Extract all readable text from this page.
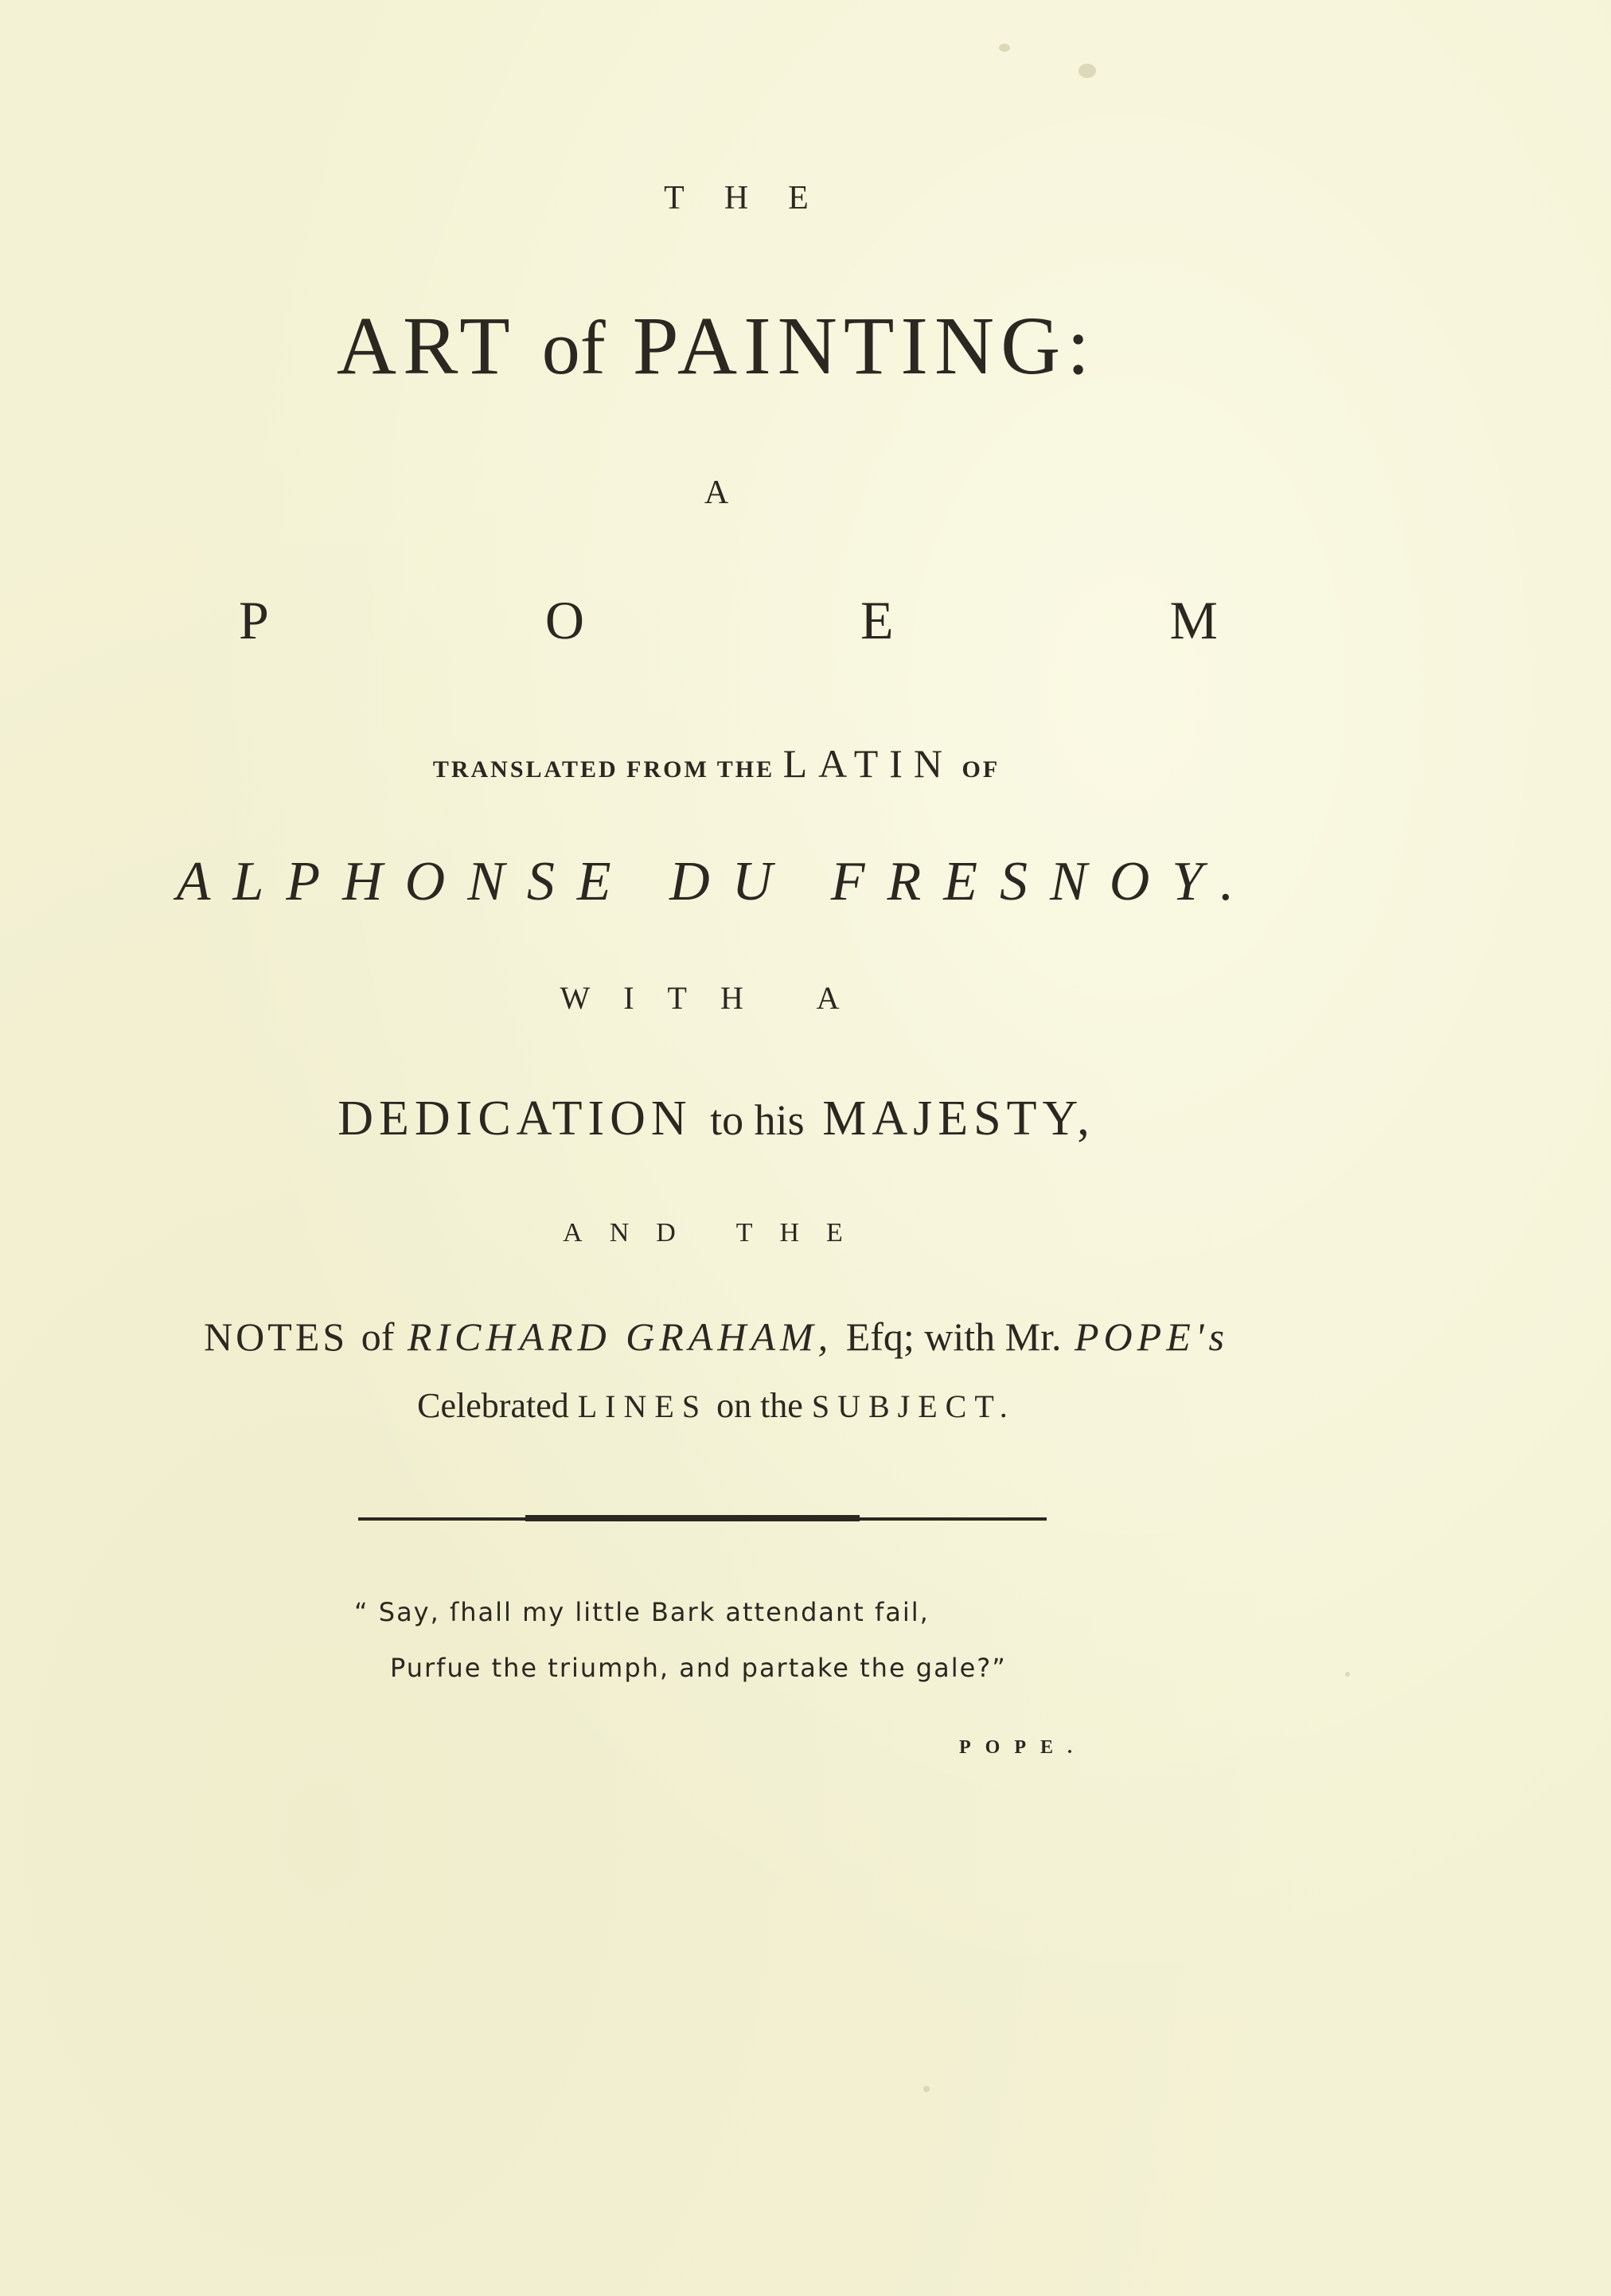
THE
ART of PAINTING:
A
P	O	E	M
TRANSLATED FROM THE LATIN OF
ALPHONSE DU FRESNOY.
WITH A
DEDICATION to his MAJESTY,
AND THE
NOTES of RICHARD GRAHAM, Efq; with Mr. POPE's
Celebrated LINES on the SUBJECT.
“ Say, ſhall my little Bark attendant fail,
Purfue the triumph, and partake the gale?”
POPE.
